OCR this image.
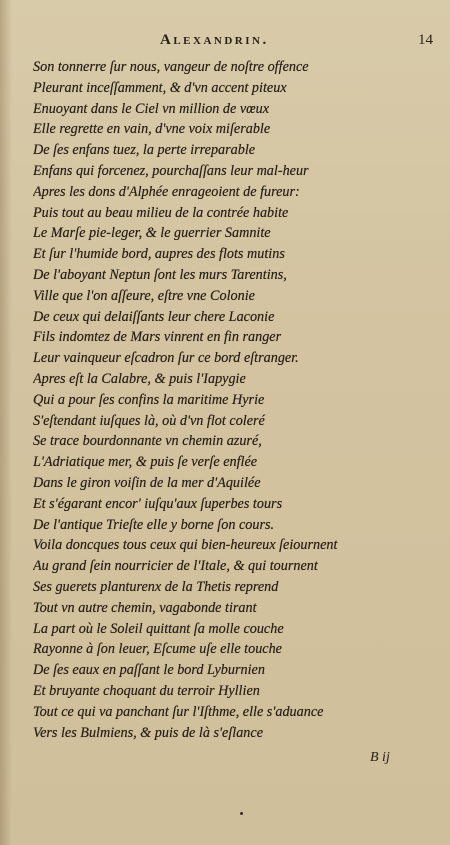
Alexandrin.	14
Son tonnerre ſur nous, vangeur de noſtre offence
Pleurant inceſſamment, & d'vn accent piteux
Enuoyant dans le Ciel vn million de vœux
Elle regrette en vain, d'vne voix miſerable
De ſes enfans tuez, la perte irreparable
Enfans qui forcenez, pourchaſſans leur mal-heur
Apres les dons d'Alphée enrageoient de fureur:
Puis tout au beau milieu de la contrée habite
Le Marſe pie-leger, & le guerrier Samnite
Et ſur l'humide bord, aupres des flots mutins
De l'aboyant Neptun ſont les murs Tarentins,
Ville que l'on aſſeure, eſtre vne Colonie
De ceux qui delaiſſants leur chere Laconie
Fils indomtez de Mars vinrent en fin ranger
Leur vainqueur eſcadron ſur ce bord eſtranger.
Apres eſt la Calabre, & puis l'Iapygie
Qui a pour ſes confins la maritime Hyrie
S'eſtendant iuſques là, où d'vn flot coleré
Se trace bourdonnante vn chemin azuré,
L'Adriatique mer, & puis ſe verſe enflée
Dans le giron voiſin de la mer d'Aquilée
Et s'égarant encor' iuſqu'aux ſuperbes tours
De l'antique Trieſte elle y borne ſon cours.
Voila doncques tous ceux qui bien-heureux ſeiournent
Au grand ſein nourricier de l'Itale, & qui tournent
Ses guerets planturenx de la Thetis reprend
Tout vn autre chemin, vagabonde tirant
La part où le Soleil quittant ſa molle couche
Rayonne à ſon leuer, Eſcume uſe elle touche
De ſes eaux en paſſant le bord Lyburnien
Et bruyante choquant du terroir Hyllien
Tout ce qui va panchant ſur l'Iſthme, elle s'aduance
Vers les Bulmiens, & puis de là s'eſlance
B ij
